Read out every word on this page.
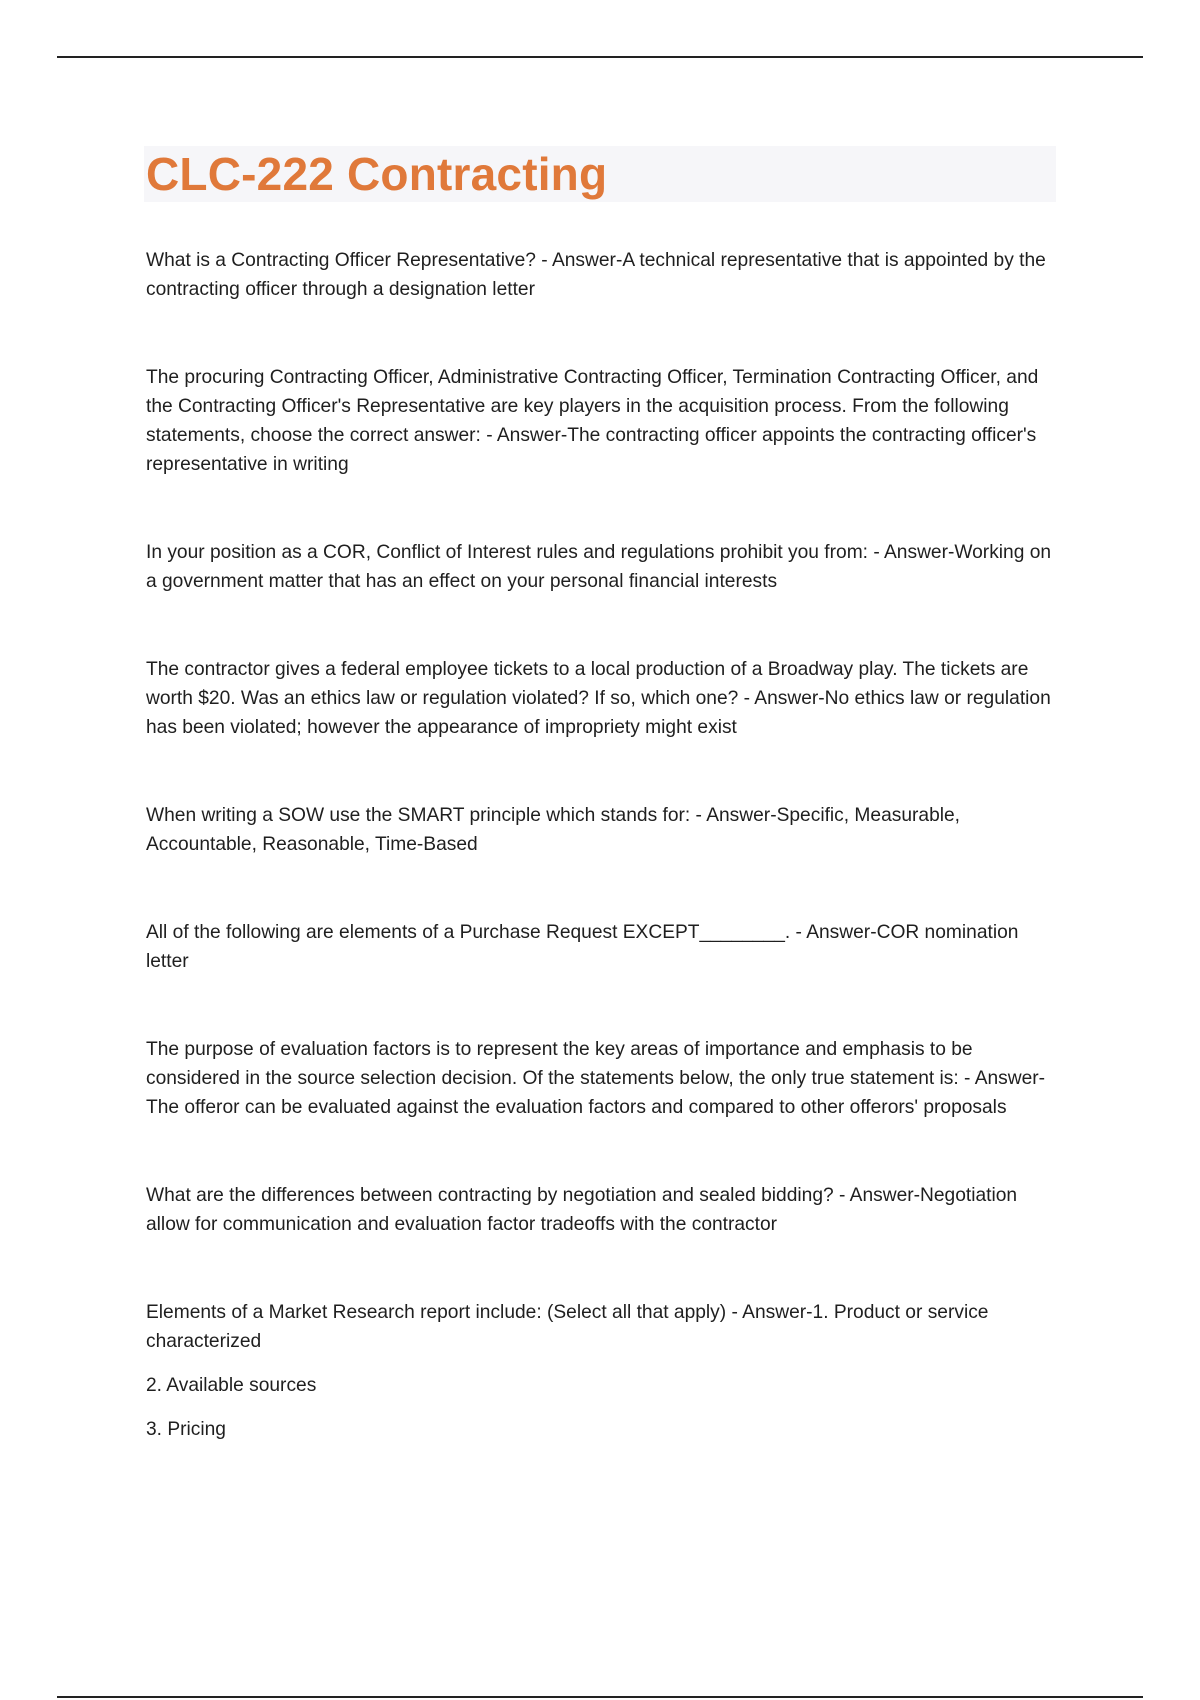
CLC-222 Contracting

What is a Contracting Officer Representative? - Answer-A technical representative that is appointed by the contracting officer through a designation letter

The procuring Contracting Officer, Administrative Contracting Officer, Termination Contracting Officer, and the Contracting Officer's Representative are key players in the acquisition process. From the following statements, choose the correct answer: - Answer-The contracting officer appoints the contracting officer's representative in writing

In your position as a COR, Conflict of Interest rules and regulations prohibit you from: - Answer-Working on a government matter that has an effect on your personal financial interests

The contractor gives a federal employee tickets to a local production of a Broadway play. The tickets are worth $20. Was an ethics law or regulation violated? If so, which one? - Answer-No ethics law or regulation has been violated; however the appearance of impropriety might exist

When writing a SOW use the SMART principle which stands for: - Answer-Specific, Measurable, Accountable, Reasonable, Time-Based

All of the following are elements of a Purchase Request EXCEPT________. - Answer-COR nomination letter

The purpose of evaluation factors is to represent the key areas of importance and emphasis to be considered in the source selection decision. Of the statements below, the only true statement is: - Answer-The offeror can be evaluated against the evaluation factors and compared to other offerors' proposals

What are the differences between contracting by negotiation and sealed bidding? - Answer-Negotiation allow for communication and evaluation factor tradeoffs with the contractor

Elements of a Market Research report include: (Select all that apply) - Answer-1. Product or service characterized

2. Available sources

3. Pricing
